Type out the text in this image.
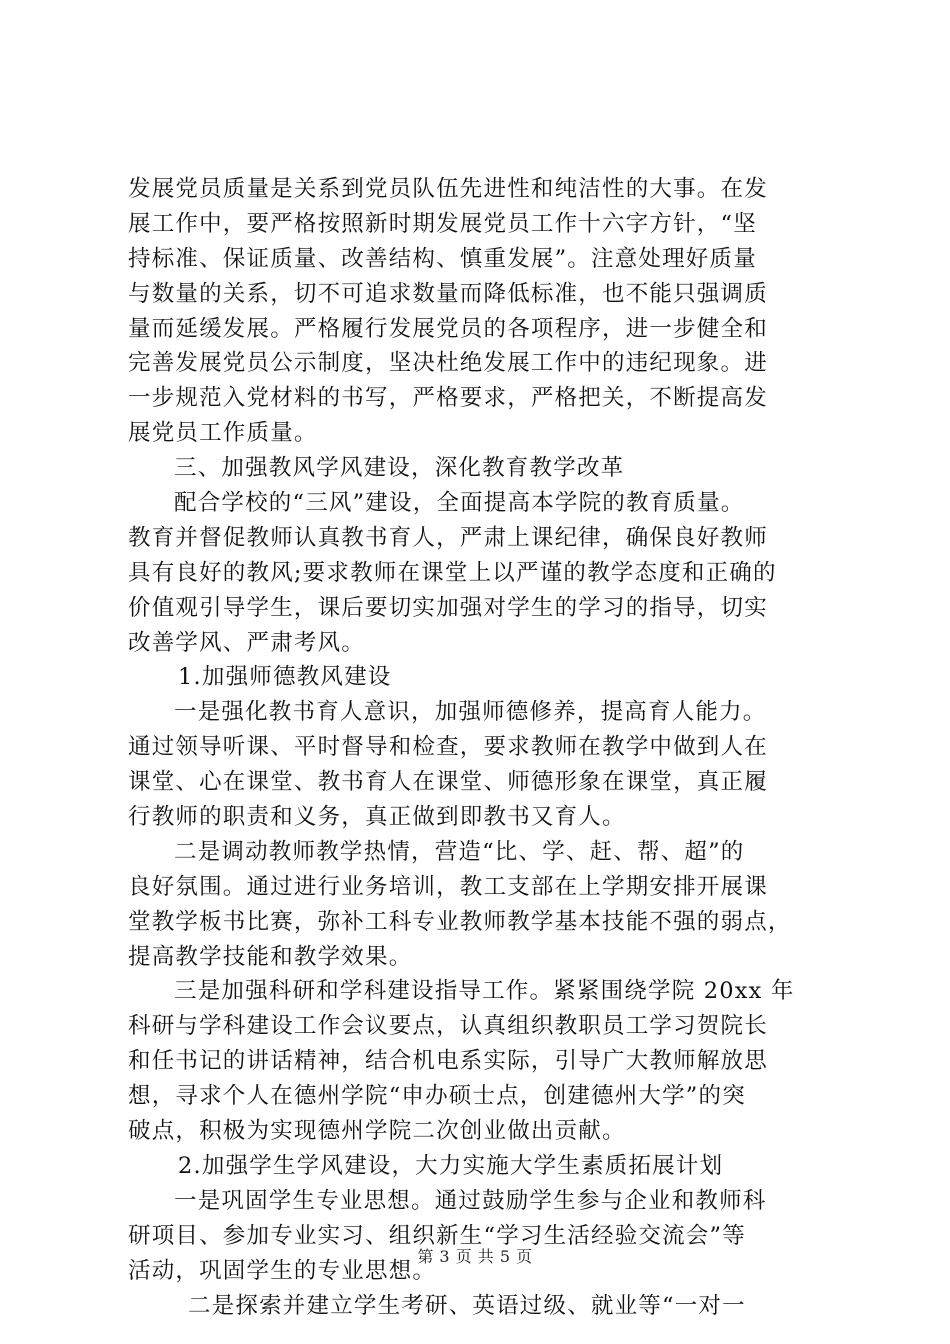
发展党员质量是关系到党员队伍先进性和纯洁性的大事。在发
展工作中，要严格按照新时期发展党员工作十六字方针，“坚
持标准、保证质量、改善结构、慎重发展”。注意处理好质量
与数量的关系，切不可追求数量而降低标准，也不能只强调质
量而延缓发展。严格履行发展党员的各项程序，进一步健全和
完善发展党员公示制度，坚决杜绝发展工作中的违纪现象。进
一步规范入党材料的书写，严格要求，严格把关，不断提高发
展党员工作质量。
三、加强教风学风建设，深化教育教学改革
配合学校的“三风”建设，全面提高本学院的教育质量。
教育并督促教师认真教书育人，严肃上课纪律，确保良好教师
具有良好的教风;要求教师在课堂上以严谨的教学态度和正确的
价值观引导学生，课后要切实加强对学生的学习的指导，切实
改善学风、严肃考风。
1.加强师德教风建设
一是强化教书育人意识，加强师德修养，提高育人能力。
通过领导听课、平时督导和检查，要求教师在教学中做到人在
课堂、心在课堂、教书育人在课堂、师德形象在课堂，真正履
行教师的职责和义务，真正做到即教书又育人。
二是调动教师教学热情，营造“比、学、赶、帮、超”的
良好氛围。通过进行业务培训，教工支部在上学期安排开展课
堂教学板书比赛，弥补工科专业教师教学基本技能不强的弱点，
提高教学技能和教学效果。
三是加强科研和学科建设指导工作。紧紧围绕学院 20xx 年
科研与学科建设工作会议要点，认真组织教职员工学习贺院长
和任书记的讲话精神，结合机电系实际，引导广大教师解放思
想，寻求个人在德州学院“申办硕士点，创建德州大学”的突
破点，积极为实现德州学院二次创业做出贡献。
2.加强学生学风建设，大力实施大学生素质拓展计划
一是巩固学生专业思想。通过鼓励学生参与企业和教师科
研项目、参加专业实习、组织新生“学习生活经验交流会”等
活动，巩固学生的专业思想。
二是探索并建立学生考研、英语过级、就业等“一对一
第 3 页 共 5 页
